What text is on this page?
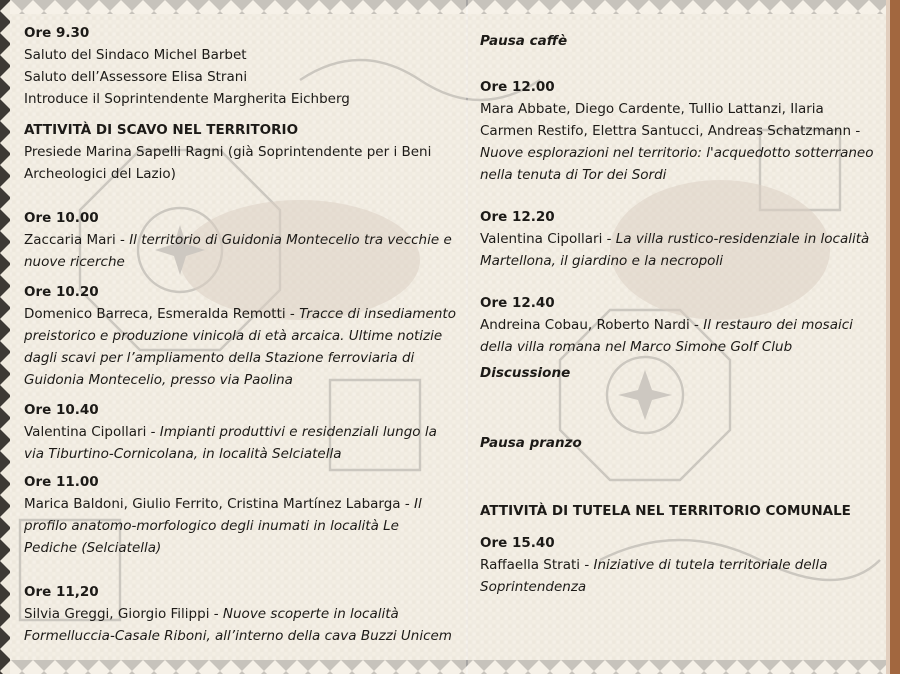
Ore 9.30
Saluto del Sindaco Michel Barbet
Saluto dell’Assessore Elisa Strani
Introduce il Soprintendente Margherita Eichberg
ATTIVITÀ DI SCAVO NEL TERRITORIO
Presiede Marina Sapelli Ragni (già Soprintendente per i Beni Archeologici del Lazio)
Ore 10.00
Zaccaria Mari - Il territorio di Guidonia Montecelio tra vecchie e nuove ricerche
Ore 10.20
Domenico Barreca, Esmeralda Remotti - Tracce di insediamento preistorico e produzione vinicola di età arcaica. Ultime notizie dagli scavi per l’ampliamento della Stazione ferroviaria di Guidonia Montecelio, presso via Paolina
Ore 10.40
Valentina Cipollari - Impianti produttivi e residenziali lungo la via Tiburtino-Cornicolana, in località Selciatella
Ore 11.00
Marica Baldoni, Giulio Ferrito, Cristina Martínez Labarga - Il profilo anatomo-morfologico degli inumati in località Le Pediche (Selciatella)
Ore 11,20
Silvia Greggi, Giorgio Filippi - Nuove scoperte in località Formelluccia-Casale Riboni, all’interno della cava Buzzi Unicem
Pausa caffè
Ore 12.00
Mara Abbate, Diego Cardente, Tullio Lattanzi, Ilaria Carmen Restifo, Elettra Santucci, Andreas Schatzmann - Nuove esplorazioni nel territorio: l'acquedotto sotterraneo nella tenuta di Tor dei Sordi
Ore 12.20
Valentina Cipollari - La villa rustico-residenziale in località Martellona, il giardino e la necropoli
Ore 12.40
Andreina Cobau, Roberto Nardi - Il restauro dei mosaici della villa romana nel Marco Simone Golf Club
Discussione
Pausa pranzo
ATTIVITÀ DI TUTELA NEL TERRITORIO COMUNALE
Ore 15.40
Raffaella Strati - Iniziative di tutela territoriale della Soprintendenza
